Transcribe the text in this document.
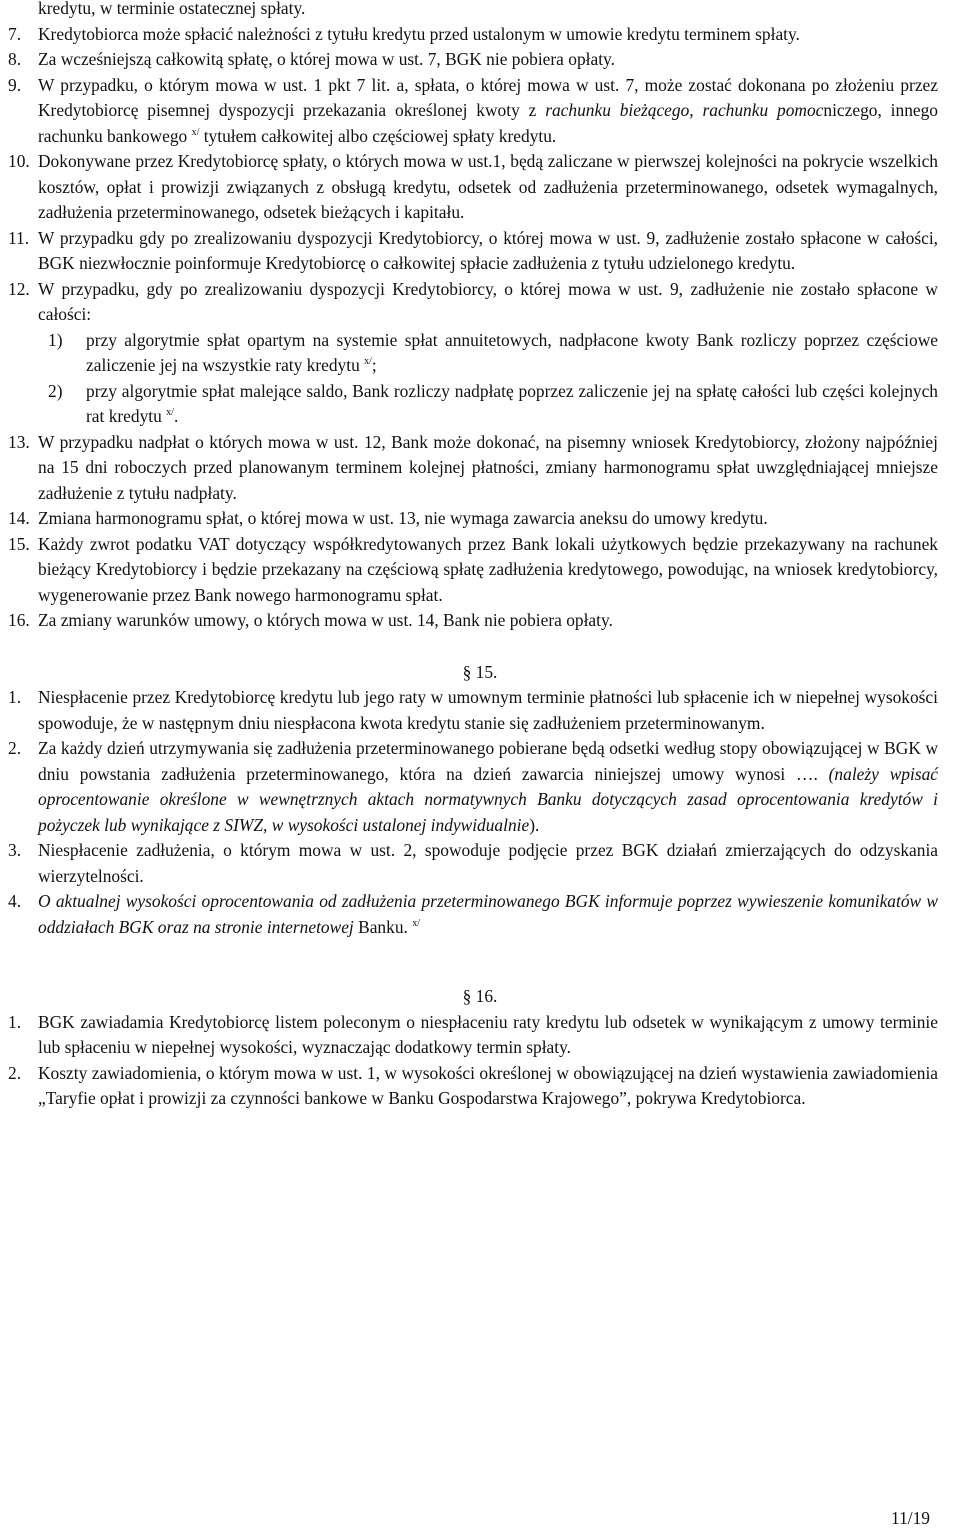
kredytu, w terminie ostatecznej spłaty.
7. Kredytobiorca może spłacić należności z tytułu kredytu przed ustalonym w umowie kredytu terminem spłaty.
8. Za wcześniejszą całkowitą spłatę, o której mowa w ust. 7, BGK nie pobiera opłaty.
9. W przypadku, o którym mowa w ust. 1 pkt 7 lit. a, spłata, o której mowa w ust. 7, może zostać dokonana po złożeniu przez Kredytobiorcę pisemnej dyspozycji przekazania określonej kwoty z rachunku bieżącego, rachunku pomocniczego, innego rachunku bankowego $^{x/}$ tytułem całkowitej albo częściowej spłaty kredytu.
10. Dokonywane przez Kredytobiorcę spłaty, o których mowa w ust.1, będą zaliczane w pierwszej kolejności na pokrycie wszelkich kosztów, opłat i prowizji związanych z obsługą kredytu, odsetek od zadłużenia przeterminowanego, odsetek wymagalnych, zadłużenia przeterminowanego, odsetek bieżących i kapitału.
11. W przypadku gdy po zrealizowaniu dyspozycji Kredytobiorcy, o której mowa w ust. 9, zadłużenie zostało spłacone w całości, BGK niezwłocznie poinformuje Kredytobiorcę o całkowitej spłacie zadłużenia z tytułu udzielonego kredytu.
12. W przypadku, gdy po zrealizowaniu dyspozycji Kredytobiorcy, o której mowa w ust. 9, zadłużenie nie zostało spłacone w całości:
1)	przy algorytmie spłat opartym na systemie spłat annuitetowych, nadpłacone kwoty Bank rozliczy poprzez częściowe zaliczenie jej na wszystkie raty kredytu $^{x/}$;
2)	przy algorytmie spłat malejące saldo, Bank rozliczy nadpłatę poprzez zaliczenie jej na spłatę całości lub części kolejnych rat kredytu $^{x/}$.
13. W przypadku nadpłat o których mowa w ust. 12, Bank może dokonać, na pisemny wniosek Kredytobiorcy, złożony najpóźniej na 15 dni roboczych przed planowanym terminem kolejnej płatności, zmiany harmonogramu spłat uwzględniającej mniejsze zadłużenie z tytułu nadpłaty.
14. Zmiana harmonogramu spłat, o której mowa w ust. 13, nie wymaga zawarcia aneksu do umowy kredytu.
15. Każdy zwrot podatku VAT dotyczący współkredytowanych przez Bank lokali użytkowych będzie przekazywany na rachunek bieżący Kredytobiorcy i będzie przekazany na częściową spłatę zadłużenia kredytowego, powodując, na wniosek kredytobiorcy, wygenerowanie przez Bank nowego harmonogramu spłat.
16. Za zmiany warunków umowy, o których mowa w ust. 14, Bank nie pobiera opłaty.
§ 15.
1. Niespłacenie przez Kredytobiorcę kredytu lub jego raty w umownym terminie płatności lub spłacenie ich w niepełnej wysokości spowoduje, że w następnym dniu niespłacona kwota kredytu stanie się zadłużeniem przeterminowanym.
2. Za każdy dzień utrzymywania się zadłużenia przeterminowanego pobierane będą odsetki według stopy obowiązującej w BGK w dniu powstania zadłużenia przeterminowanego, która na dzień zawarcia niniejszej umowy wynosi …. (należy wpisać oprocentowanie określone w wewnętrznych aktach normatywnych Banku dotyczących zasad oprocentowania kredytów i pożyczek lub wynikające z SIWZ, w wysokości ustalonej indywidualnie).
3. Niespłacenie zadłużenia, o którym mowa w ust. 2, spowoduje podjęcie przez BGK działań zmierzających do odzyskania wierzytelności.
4. O aktualnej wysokości oprocentowania od zadłużenia przeterminowanego BGK informuje poprzez wywieszenie komunikatów w oddziałach BGK oraz na stronie internetowej Banku. $^{x/}$
§ 16.
1. BGK zawiadamia Kredytobiorcę listem poleconym o niespłaceniu raty kredytu lub odsetek w wynikającym z umowy terminie lub spłaceniu w niepełnej wysokości, wyznaczając dodatkowy termin spłaty.
2. Koszty zawiadomienia, o którym mowa w ust. 1, w wysokości określonej w obowiązującej na dzień wystawienia zawiadomienia „Taryfie opłat i prowizji za czynności bankowe w Banku Gospodarstwa Krajowego”, pokrywa Kredytobiorca.
11/19
